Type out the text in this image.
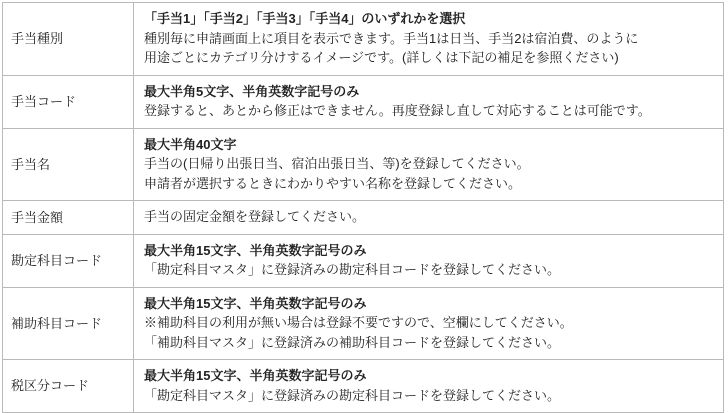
手当種別	「手当1」「手当2」「手当3」「手当4」のいずれかを選択
種別毎に申請画面上に項目を表示できます。手当1は日当、手当2は宿泊費、のように
用途ごとにカテゴリ分けするイメージです。(詳しくは下記の補足を参照ください)

手当コード	最大半角5文字、半角英数字記号のみ
登録すると、あとから修正はできません。再度登録し直して対応することは可能です。

手当名	最大半角40文字
手当の(日帰り出張日当、宿泊出張日当、等)を登録してください。
申請者が選択するときにわかりやすい名称を登録してください。

手当金額	手当の固定金額を登録してください。

勘定科目コード	最大半角15文字、半角英数字記号のみ
「勘定科目マスタ」に登録済みの勘定科目コードを登録してください。

補助科目コード	最大半角15文字、半角英数字記号のみ
※補助科目の利用が無い場合は登録不要ですので、空欄にしてください。
「補助科目マスタ」に登録済みの補助科目コードを登録してください。

税区分コード	最大半角15文字、半角英数字記号のみ
「勘定科目マスタ」に登録済みの勘定科目コードを登録してください。
